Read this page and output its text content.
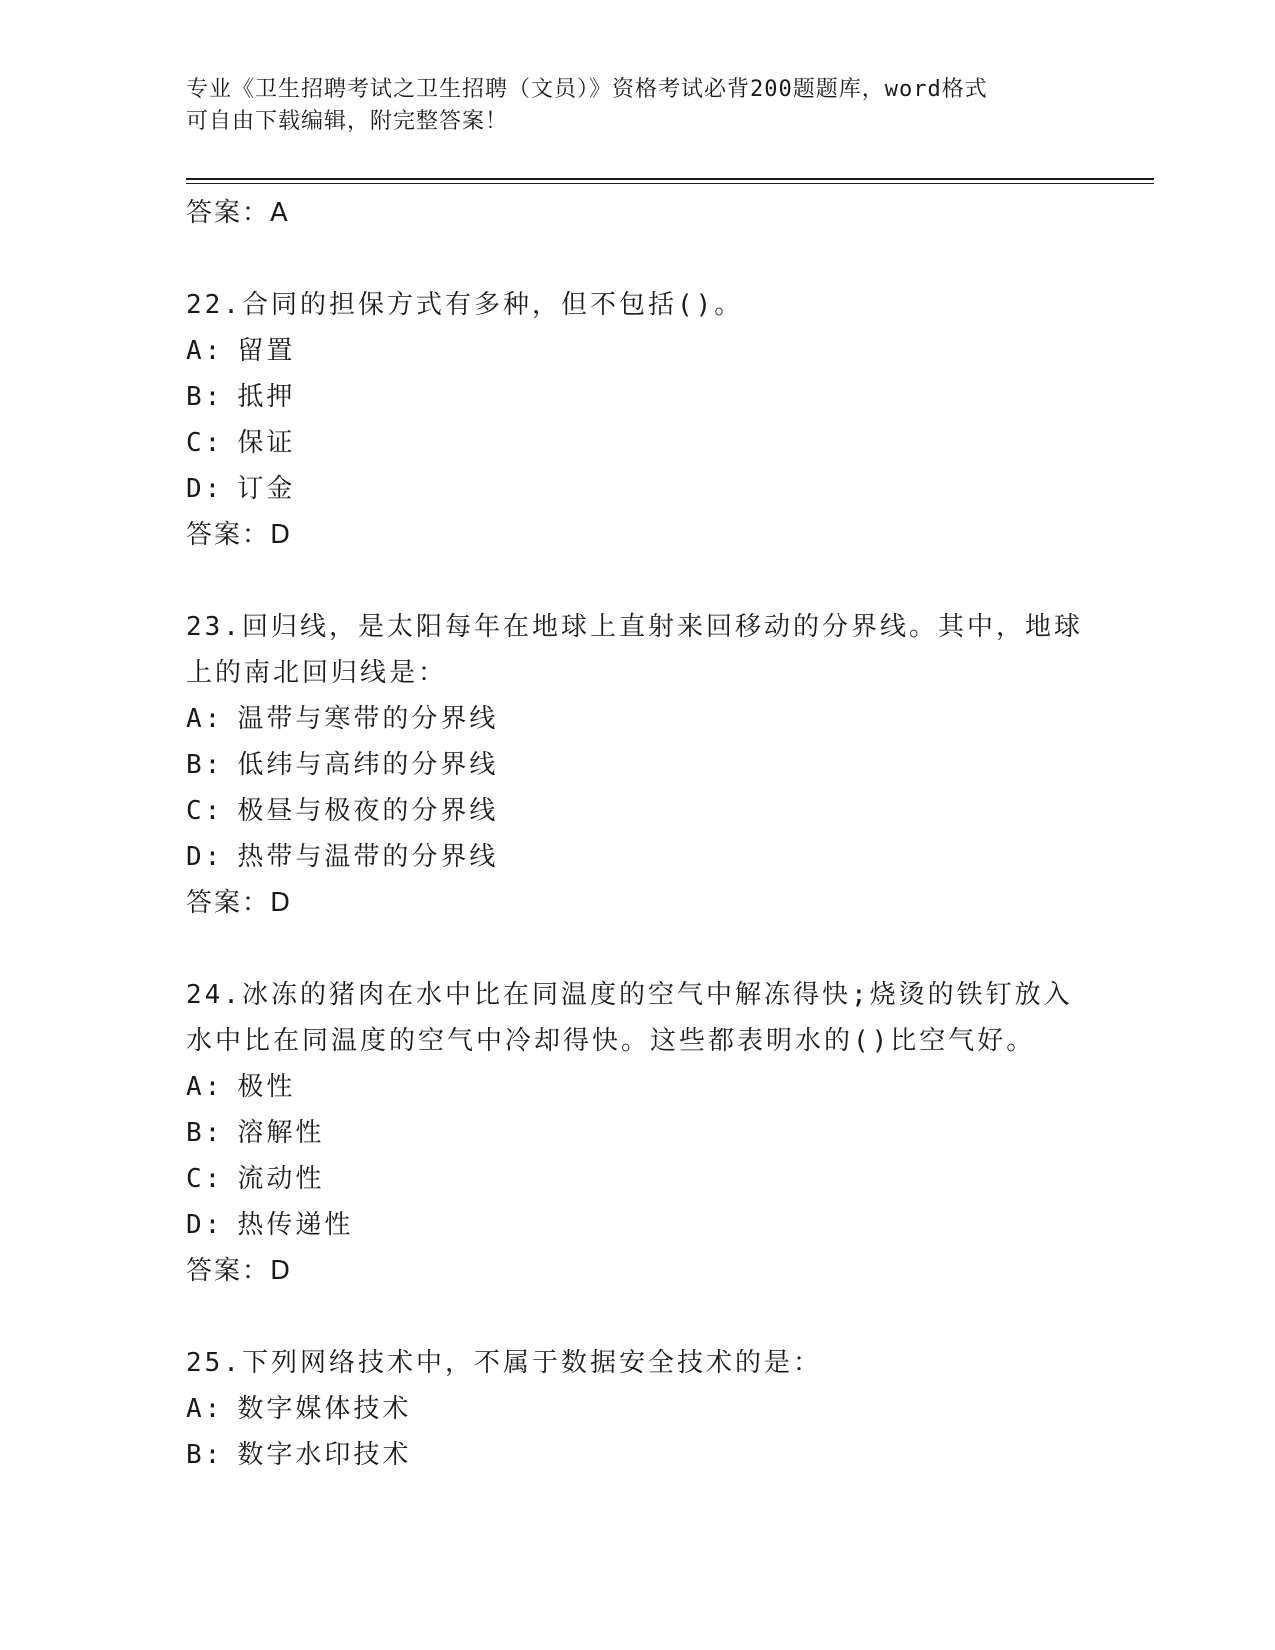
专业《卫生招聘考试之卫生招聘（文员）》资格考试必背200题题库，word格式
可自由下载编辑，附完整答案！
答案：A
22.合同的担保方式有多种，但不包括()。
A: 留置
B: 抵押
C: 保证
D: 订金
答案：D
23.回归线，是太阳每年在地球上直射来回移动的分界线。其中，地球上的南北回归线是：
A: 温带与寒带的分界线
B: 低纬与高纬的分界线
C: 极昼与极夜的分界线
D: 热带与温带的分界线
答案：D
24.冰冻的猪肉在水中比在同温度的空气中解冻得快;烧烫的铁钉放入水中比在同温度的空气中冷却得快。这些都表明水的()比空气好。
A: 极性
B: 溶解性
C: 流动性
D: 热传递性
答案：D
25.下列网络技术中，不属于数据安全技术的是：
A: 数字媒体技术
B: 数字水印技术
